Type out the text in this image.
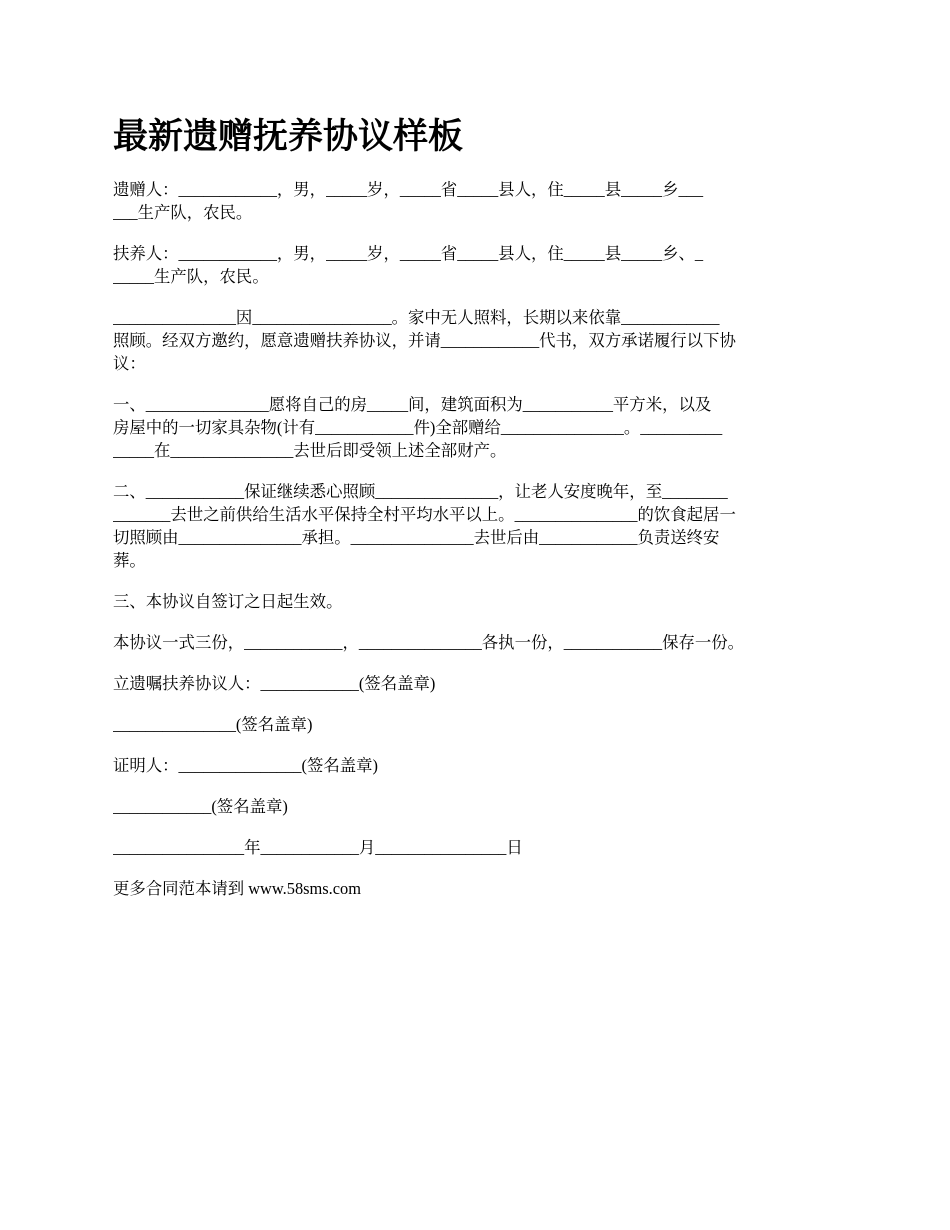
最新遗赠抚养协议样板
遗赠人：____________，男，_____岁，_____省_____县人，住_____县_____乡___
___生产队，农民。
扶养人：____________，男，_____岁，_____省_____县人，住_____县_____乡、_
_____生产队，农民。
_______________因_________________。家中无人照料，长期以来依靠____________
照顾。经双方邀约，愿意遗赠扶养协议，并请____________代书，双方承诺履行以下协
议：
一、_______________愿将自己的房_____间，建筑面积为___________平方米，以及
房屋中的一切家具杂物(计有____________件)全部赠给_______________。__________
_____在_______________去世后即受领上述全部财产。
二、____________保证继续悉心照顾_______________，让老人安度晚年，至________
_______去世之前供给生活水平保持全村平均水平以上。_______________的饮食起居一
切照顾由_______________承担。_______________去世后由____________负责送终安
葬。
三、本协议自签订之日起生效。
本协议一式三份，____________，_______________各执一份，____________保存一份。
立遗嘱扶养协议人：____________(签名盖章)
_______________(签名盖章)
证明人：_______________(签名盖章)
____________(签名盖章)
________________年____________月________________日
更多合同范本请到 www.58sms.com
